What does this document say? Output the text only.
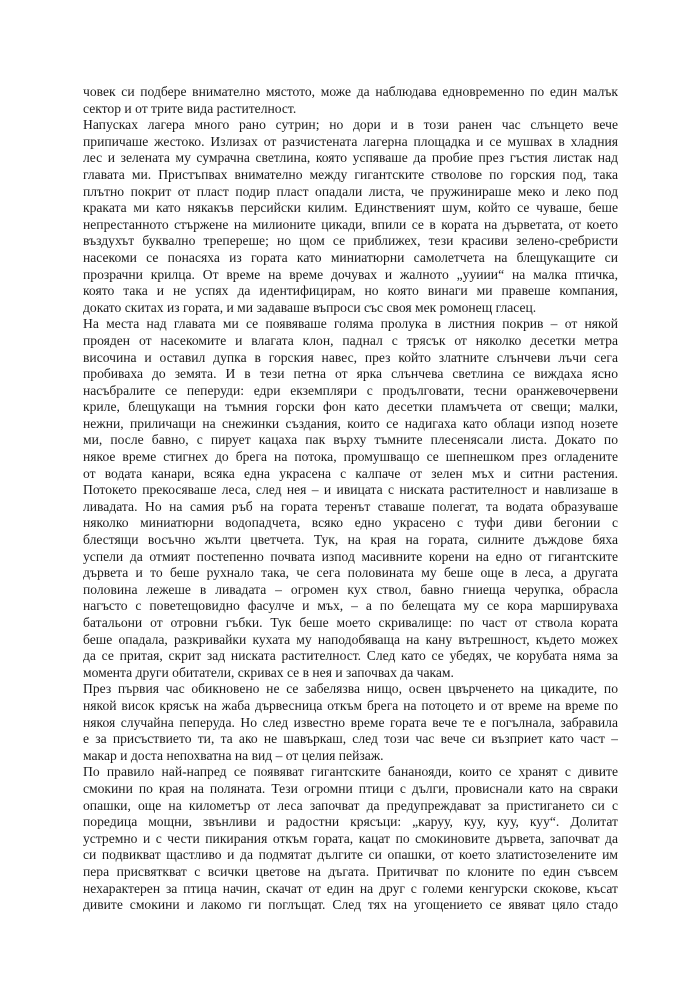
човек си подбере внимателно мястото, може да наблюдава едновременно по един малък
сектор и от трите вида растителност.
Напусках лагера много рано сутрин; но дори и в този ранен час слънцето вече
припичаше жестоко. Излизах от разчистената лагерна площадка и се мушвах в хладния
лес и зелената му сумрачна светлина, която успяваше да пробие през гъстия листак над
главата ми. Пристъпвах внимателно между гигантските стволове по горския под, така
плътно покрит от пласт подир пласт опадали листа, че пружинираше меко и леко под
краката ми като някакъв персийски килим. Единственият шум, който се чуваше, беше
непрестанното стържене на милионите цикади, впили се в кората на дърветата, от което
въздухът буквално трепереше; но щом се приближех, тези красиви зелено-сребристи
насекоми се понасяха из гората като миниатюрни самолетчета на блещукащите си
прозрачни крилца. От време на време дочувах и жалното „ууиии“ на малка птичка,
която така и не успях да идентифицирам, но която винаги ми правеше компания,
докато скитах из гората, и ми задаваше въпроси със своя мек ромонещ гласец.
На места над главата ми се появяваше голяма пролука в листния покрив – от някой
прояден от насекомите и влагата клон, паднал с трясък от няколко десетки метра
височина и оставил дупка в горския навес, през който златните слънчеви лъчи сега
пробиваха до земята. И в тези петна от ярка слънчева светлина се виждаха ясно
насъбралите се пеперуди: едри екземпляри с продълговати, тесни оранжевочервени
криле, блещукащи на тъмния горски фон като десетки пламъчета от свещи; малки,
нежни, приличащи на снежинки създания, които се надигаха като облаци изпод нозете
ми, после бавно, с пирует кацаха пак върху тъмните плесенясали листа. Докато по
някое време стигнех до брега на потока, промушващо се шепнешком през огладените
от водата канари, всяка една украсена с калпаче от зелен мъх и ситни растения.
Потокето прекосяваше леса, след нея – и ивицата с ниската растителност и навлизаше в
ливадата. Но на самия ръб на гората теренът ставаше полегат, та водата образуваше
няколко миниатюрни водопадчета, всяко едно украсено с туфи диви бегонии с
блестящи восъчно жълти цветчета. Тук, на края на гората, силните дъждове бяха
успели да отмият постепенно почвата изпод масивните корени на едно от гигантските
дървета и то беше рухнало така, че сега половината му беше още в леса, а другата
половина лежеше в ливадата – огромен кух ствол, бавно гниеща черупка, обрасла
нагъсто с поветещовидно фасулче и мъх, – а по белещата му се кора маршируваха
батальони от отровни гъбки. Тук беше моето скривалище: по част от ствола кората
беше опадала, разкривайки кухата му наподобяваща на кану вътрешност, където можех
да се притая, скрит зад ниската растителност. След като се убедях, че корубата няма за
момента други обитатели, скривах се в нея и започвах да чакам.
През първия час обикновено не се забелязва нищо, освен цвърченето на цикадите, по
някой висок крясък на жаба дървесница откъм брега на потоцето и от време на време по
някоя случайна пеперуда. Но след известно време гората вече те е погълнала, забравила
е за присъствието ти, та ако не шавъркаш, след този час вече си възприет като част –
макар и доста непохватна на вид – от целия пейзаж.
По правило най-напред се появяват гигантските бананояди, които се хранят с дивите
смокини по края на поляната. Тези огромни птици с дълги, провиснали като на свраки
опашки, още на километър от леса започват да предупреждават за пристигането си с
поредица мощни, звънливи и радостни крясъци: „каруу, куу, куу, куу“. Долитат
устремно и с чести пикирания откъм гората, кацат по смокиновите дървета, започват да
си подвикват щастливо и да подмятат дългите си опашки, от което златистозелените им
пера присвяткват с всички цветове на дъгата. Притичват по клоните по един съвсем
нехарактерен за птица начин, скачат от един на друг с големи кенгурски скокове, късат
дивите смокини и лакомо ги поглъщат. След тях на угощението се явяват цяло стадо
